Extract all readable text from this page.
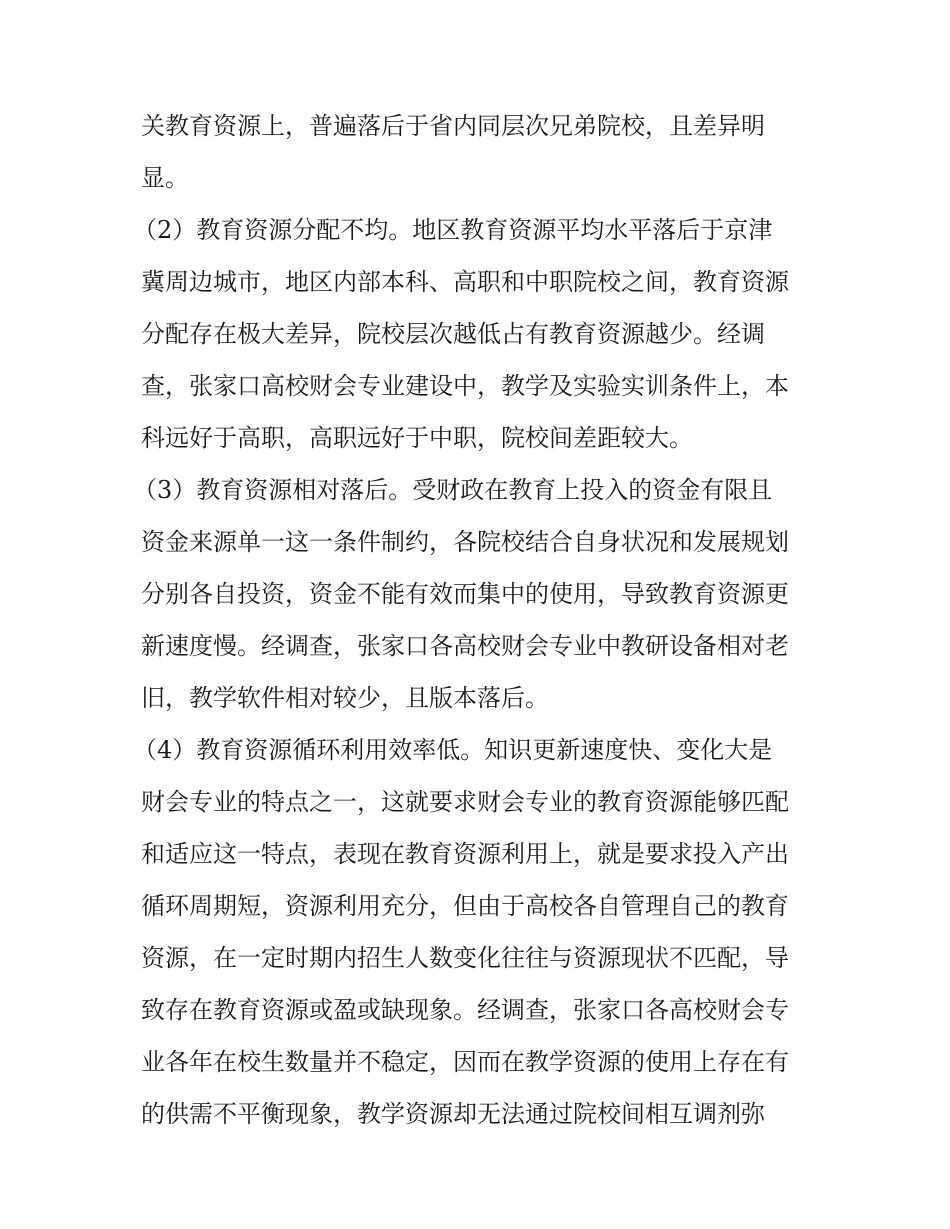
关教育资源上，普遍落后于省内同层次兄弟院校，且差异明
显。
（2）教育资源分配不均。地区教育资源平均水平落后于京津
冀周边城市，地区内部本科、高职和中职院校之间，教育资源
分配存在极大差异，院校层次越低占有教育资源越少。经调
查，张家口高校财会专业建设中，教学及实验实训条件上，本
科远好于高职，高职远好于中职，院校间差距较大。
（3）教育资源相对落后。受财政在教育上投入的资金有限且
资金来源单一这一条件制约，各院校结合自身状况和发展规划
分别各自投资，资金不能有效而集中的使用，导致教育资源更
新速度慢。经调查，张家口各高校财会专业中教研设备相对老
旧，教学软件相对较少，且版本落后。
（4）教育资源循环利用效率低。知识更新速度快、变化大是
财会专业的特点之一，这就要求财会专业的教育资源能够匹配
和适应这一特点，表现在教育资源利用上，就是要求投入产出
循环周期短，资源利用充分，但由于高校各自管理自己的教育
资源，在一定时期内招生人数变化往往与资源现状不匹配，导
致存在教育资源或盈或缺现象。经调查，张家口各高校财会专
业各年在校生数量并不稳定，因而在教学资源的使用上存在有
的供需不平衡现象，教学资源却无法通过院校间相互调剂弥
